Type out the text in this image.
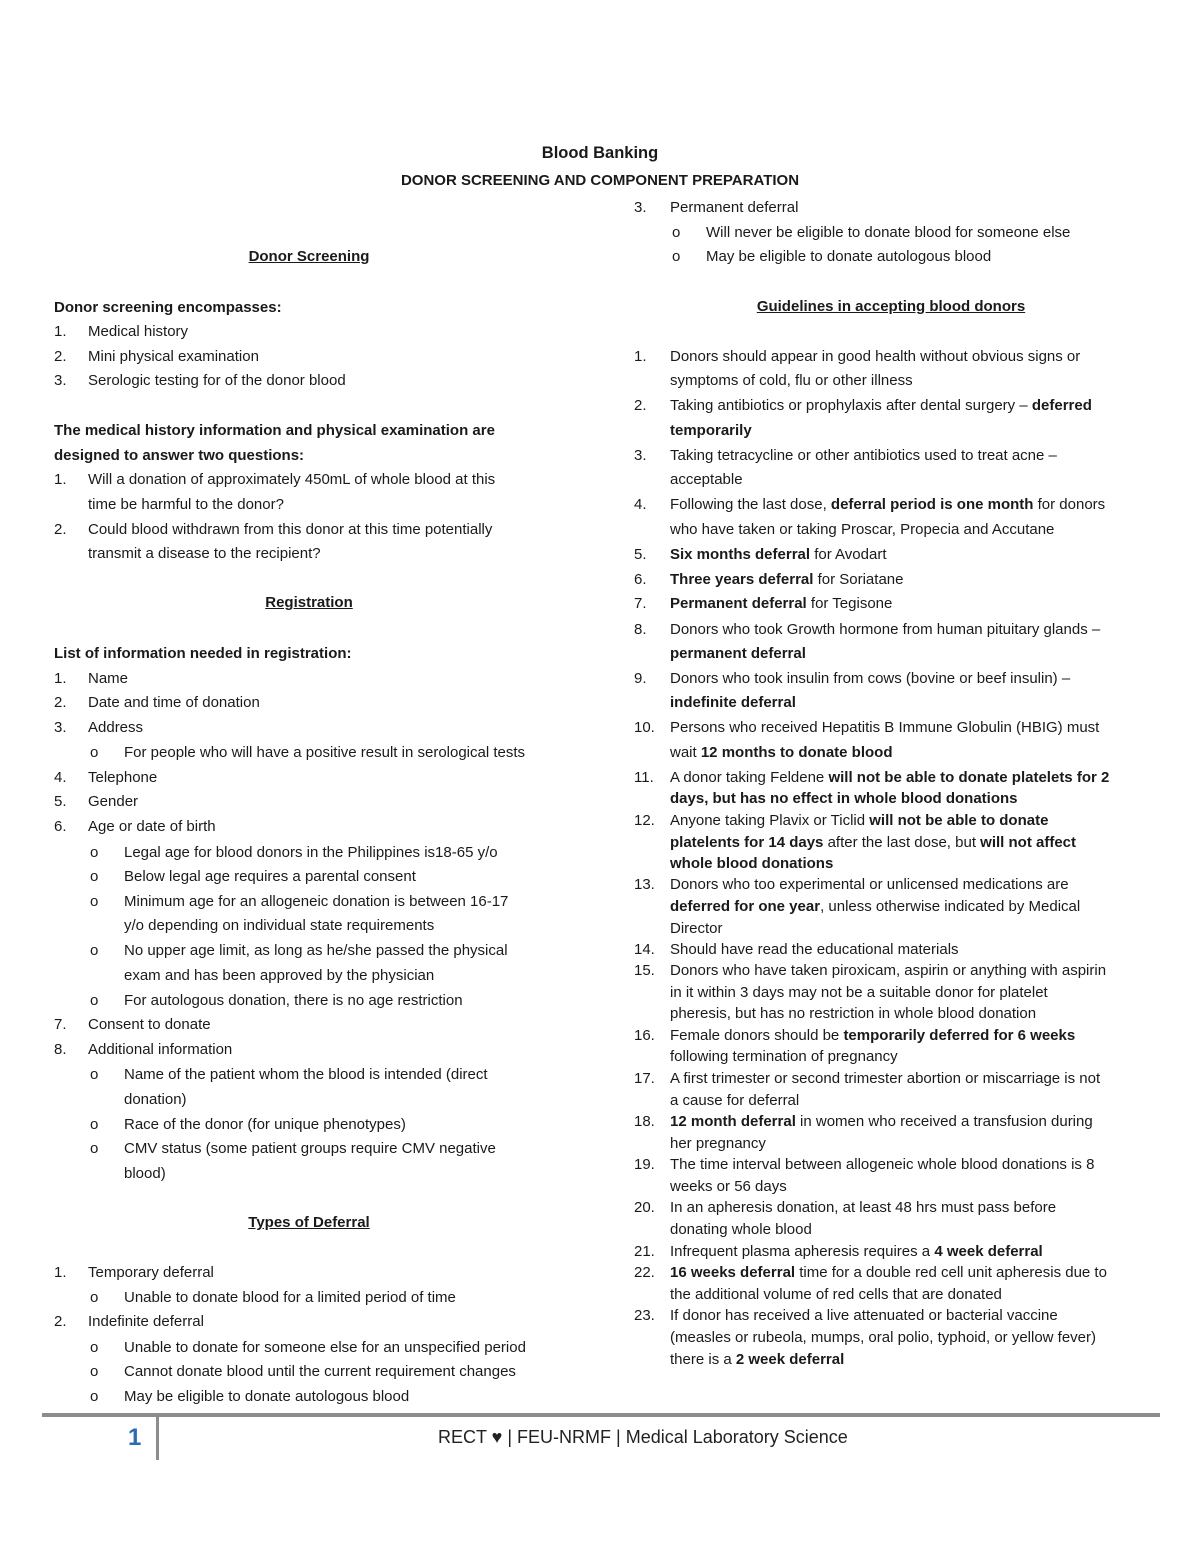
Blood Banking
DONOR SCREENING AND COMPONENT PREPARATION
Donor Screening
Donor screening encompasses:
1. Medical history
2. Mini physical examination
3. Serologic testing for of the donor blood
The medical history information and physical examination are
designed to answer two questions:
1. Will a donation of approximately 450mL of whole blood at this
time be harmful to the donor?
2. Could blood withdrawn from this donor at this time potentially
transmit a disease to the recipient?
Registration
List of information needed in registration:
1. Name
2. Date and time of donation
3. Address
o For people who will have a positive result in serological tests
4. Telephone
5. Gender
6. Age or date of birth
o Legal age for blood donors in the Philippines is18-65 y/o
o Below legal age requires a parental consent
o Minimum age for an allogeneic donation is between 16-17
y/o depending on individual state requirements
o No upper age limit, as long as he/she passed the physical
exam and has been approved by the physician
o For autologous donation, there is no age restriction
7. Consent to donate
8. Additional information
o Name of the patient whom the blood is intended (direct
donation)
o Race of the donor (for unique phenotypes)
o CMV status (some patient groups require CMV negative
blood)
Types of Deferral
1. Temporary deferral
o Unable to donate blood for a limited period of time
2. Indefinite deferral
o Unable to donate for someone else for an unspecified period
o Cannot donate blood until the current requirement changes
o May be eligible to donate autologous blood
3. Permanent deferral
o Will never be eligible to donate blood for someone else
o May be eligible to donate autologous blood
Guidelines in accepting blood donors
1. Donors should appear in good health without obvious signs or
symptoms of cold, flu or other illness
2. Taking antibiotics or prophylaxis after dental surgery – deferred
temporarily
3. Taking tetracycline or other antibiotics used to treat acne –
acceptable
4. Following the last dose, deferral period is one month for donors
who have taken or taking Proscar, Propecia and Accutane
5. Six months deferral for Avodart
6. Three years deferral for Soriatane
7. Permanent deferral for Tegisone
8. Donors who took Growth hormone from human pituitary glands –
permanent deferral
9. Donors who took insulin from cows (bovine or beef insulin) –
indefinite deferral
10. Persons who received Hepatitis B Immune Globulin (HBIG) must
wait 12 months to donate blood
11. A donor taking Feldene will not be able to donate platelets for 2
days, but has no effect in whole blood donations
12. Anyone taking Plavix or Ticlid will not be able to donate
platelents for 14 days after the last dose, but will not affect
whole blood donations
13. Donors who too experimental or unlicensed medications are
deferred for one year, unless otherwise indicated by Medical
Director
14. Should have read the educational materials
15. Donors who have taken piroxicam, aspirin or anything with aspirin
in it within 3 days may not be a suitable donor for platelet
pheresis, but has no restriction in whole blood donation
16. Female donors should be temporarily deferred for 6 weeks
following termination of pregnancy
17. A first trimester or second trimester abortion or miscarriage is not
a cause for deferral
18. 12 month deferral in women who received a transfusion during
her pregnancy
19. The time interval between allogeneic whole blood donations is 8
weeks or 56 days
20. In an apheresis donation, at least 48 hrs must pass before
donating whole blood
21. Infrequent plasma apheresis requires a 4 week deferral
22. 16 weeks deferral time for a double red cell unit apheresis due to
the additional volume of red cells that are donated
23. If donor has received a live attenuated or bacterial vaccine
(measles or rubeola, mumps, oral polio, typhoid, or yellow fever)
there is a 2 week deferral
1	RECT ♥ | FEU-NRMF | Medical Laboratory Science
